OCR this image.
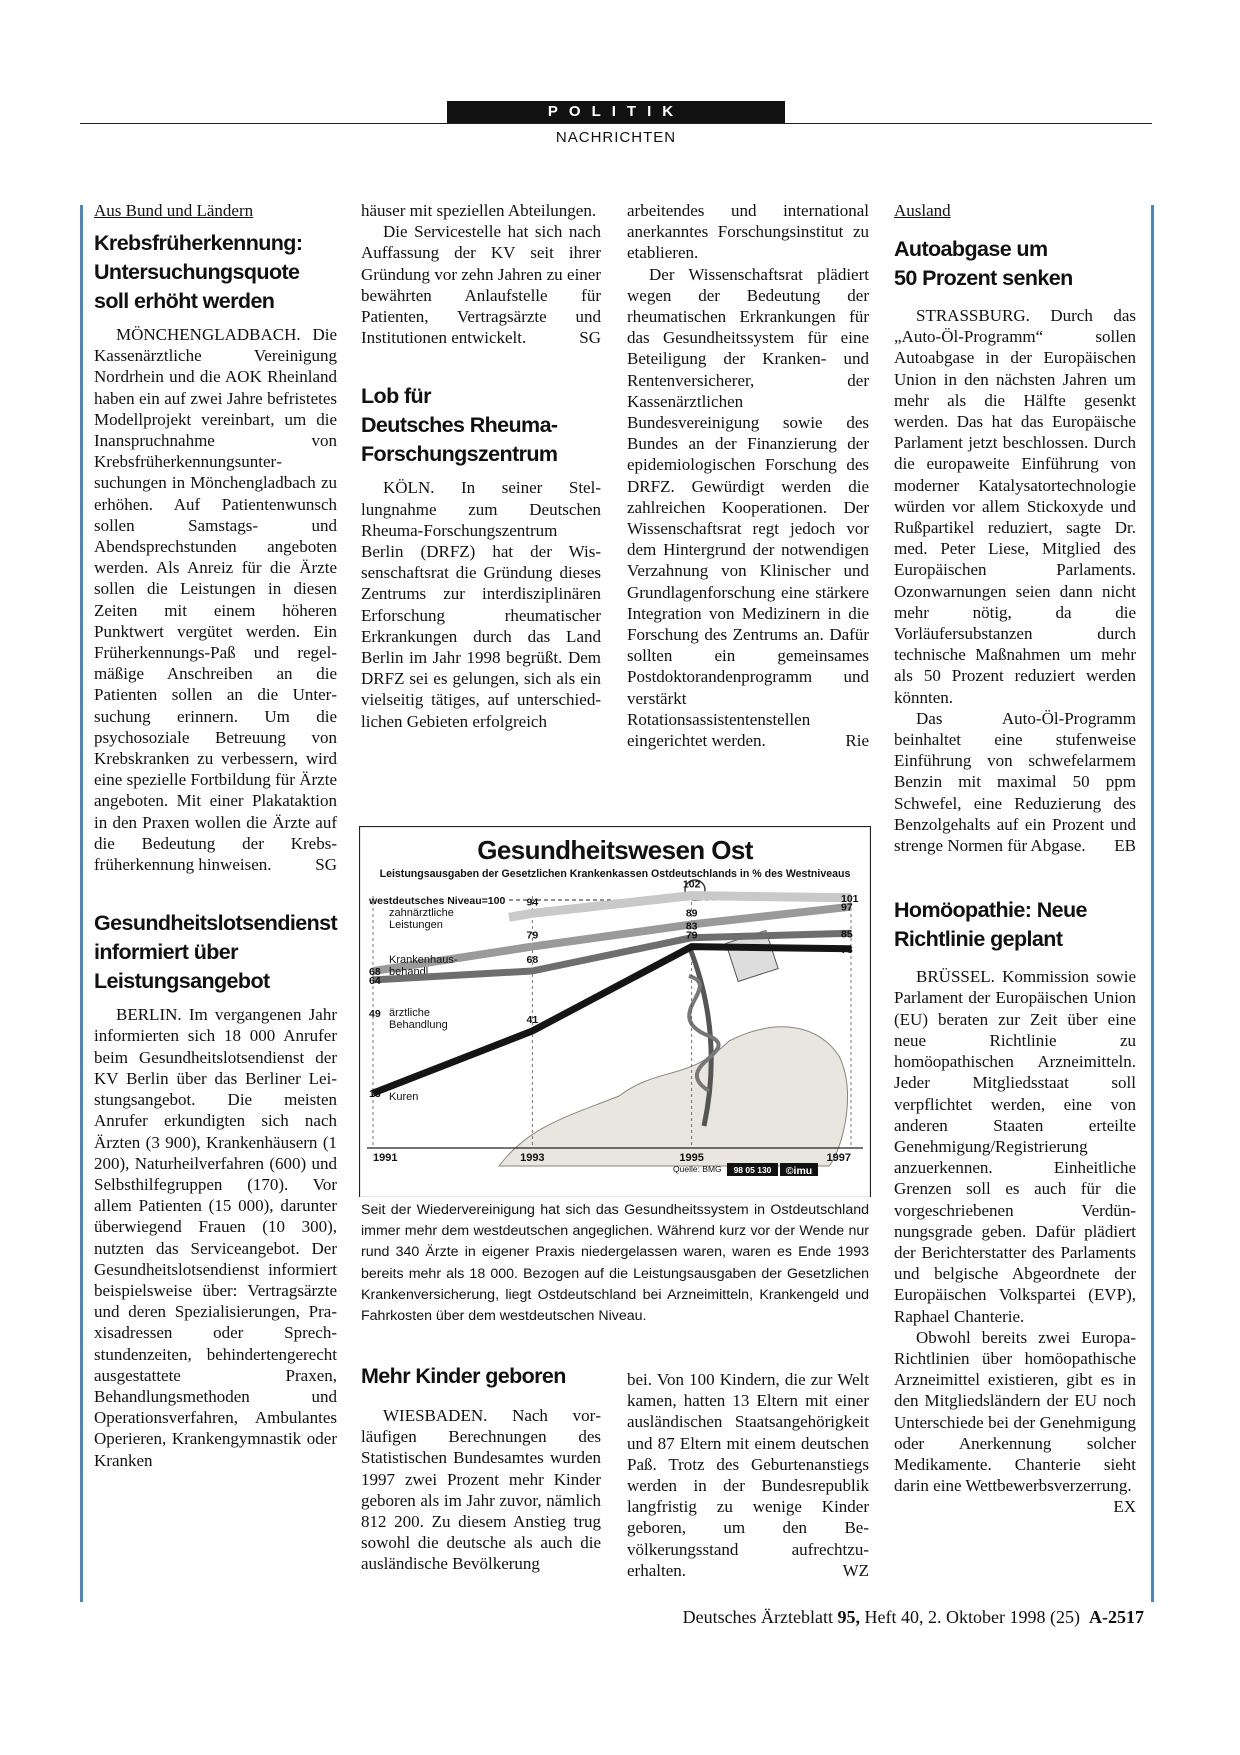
POLITIK
NACHRICHTEN
Aus Bund und Ländern
Krebsfrüherkennung:
Untersuchungsquote
soll erhöht werden

MÖNCHENGLADBACH. Die Kassenärztliche Vereinigung Nordrhein und die AOK Rheinland haben ein auf zwei Jahre befristetes Modellprojekt vereinbart, um die Inanspruchnahme von Krebsfrüherkennungsuntersuchungen in Mönchengladbach zu erhöhen. Auf Patientenwunsch sollen Samstags- und Abendsprechstunden angeboten werden. Als Anreiz für die Ärzte sollen die Leistungen in diesen Zeiten mit einem höheren Punktwert vergütet werden. Ein Früherkennungs-Paß und regelmäßige Anschreiben an die Patienten sollen an die Untersuchung erinnern. Um die psychosoziale Betreuung von Krebskranken zu verbessern, wird eine spezielle Fortbildung für Ärzte angeboten. Mit einer Plakataktion in den Praxen wollen die Ärzte auf die Bedeutung der Krebsfrüherkennung hinweisen.	SG

Gesundheitslotsendienst
informiert über
Leistungsangebot

BERLIN. Im vergangenen Jahr informierten sich 18 000 Anrufer beim Gesundheitslotsendienst der KV Berlin über das Berliner Leistungsangebot. Die meisten Anrufer erkundigten sich nach Ärzten (3 900), Krankenhäusern (1 200), Naturheilverfahren (600) und Selbsthilfegruppen (170). Vor allem Patienten (15 000), darunter überwiegend Frauen (10 300), nutzten das Serviceangebot. Der Gesundheitslotsendienst informiert beispielsweise über: Vertragsärzte und deren Spezialisierungen, Praxisadressen oder Sprechstundenzeiten, behindertengerecht ausgestattete Praxen, Behandlungsmethoden und Operationsverfahren, Ambulantes Operieren, Krankengymnastik oder Kranken

häuser mit speziellen Abteilungen.

Die Servicestelle hat sich nach Auffassung der KV seit ihrer Gründung vor zehn Jahren zu einer bewährten Anlaufstelle für Patienten, Vertragsärzte und Institutionen entwickelt.	SG

Lob für
Deutsches Rheuma-
Forschungszentrum

KÖLN. In seiner Stellungnahme zum Deutschen Rheuma-Forschungszentrum Berlin (DRFZ) hat der Wissenschaftsrat die Gründung dieses Zentrums zur interdisziplinären Erforschung rheumatischer Erkrankungen durch das Land Berlin im Jahr 1998 begrüßt. Dem DRFZ sei es gelungen, sich als ein vielseitig tätiges, auf unterschiedlichen Gebieten erfolgreich

arbeitendes und international anerkanntes Forschungsinstitut zu etablieren.

Der Wissenschaftsrat plädiert wegen der Bedeutung der rheumatischen Erkrankungen für das Gesundheitssystem für eine Beteiligung der Kranken- und Rentenversicherer, der Kassenärztlichen Bundesvereinigung sowie des Bundes an der Finanzierung der epidemiologischen Forschung des DRFZ. Gewürdigt werden die zahlreichen Kooperationen. Der Wissenschaftsrat regt jedoch vor dem Hintergrund der notwendigen Verzahnung von Klinischer und Grundlagenforschung eine stärkere Integration von Medizinern in die Forschung des Zentrums an. Dafür sollten ein gemeinsames Postdoktorandenprogramm und verstärkt Rotationsassistentenstellen eingerichtet werden.	Rie

Gesundheitswesen Ost
Leistungsausgaben der Gesetzlichen Krankenkassen Ostdeutschlands in % des Westniveaus
1991	1993	1995	1997
westdeutsches Niveau=100 94
102
101
zahnärztliche
Leistungen
68
79
89	97
Krankenhaus-
behandl.
64
68
83
85
ärztliche
Behandlung
13
41
79
78
Kuren
49
Quelle: BMG 98 05 130 ©imu
Seit der Wiedervereinigung hat sich das Gesundheitssystem in Ostdeutschland immer mehr dem westdeutschen angeglichen. Während kurz vor der Wende nur rund 340 Ärzte in eigener Praxis niedergelassen waren, waren es Ende 1993 bereits mehr als 18 000. Bezogen auf die Leistungsausgaben der Gesetzlichen Krankenversicherung, liegt Ostdeutschland bei Arzneimitteln, Krankengeld und Fahrkosten über dem westdeutschen Niveau.
Mehr Kinder geboren

WIESBADEN. Nach vorläufigen Berechnungen des Statistischen Bundesamtes wurden 1997 zwei Prozent mehr Kinder geboren als im Jahr zuvor, nämlich 812 200. Zu diesem Anstieg trug sowohl die deutsche als auch die ausländische Bevölkerung

bei. Von 100 Kindern, die zur Welt kamen, hatten 13 Eltern mit einer ausländischen Staatsangehörigkeit und 87 Eltern mit einem deutschen Paß. Trotz des Geburtenanstiegs werden in der Bundesrepublik langfristig zu wenige Kinder geboren, um den Bevölkerungsstand aufrechtzuerhalten.	WZ

Ausland
Autoabgase um
50 Prozent senken

STRASSBURG. Durch das „Auto-Öl-Programm“ sollen Autoabgase in der Europäischen Union in den nächsten Jahren um mehr als die Hälfte gesenkt werden. Das hat das Europäische Parlament jetzt beschlossen. Durch die europaweite Einführung von moderner Katalysatortechnologie würden vor allem Stickoxyde und Rußpartikel reduziert, sagte Dr. med. Peter Liese, Mitglied des Europäischen Parlaments. Ozonwarnungen seien dann nicht mehr nötig, da die Vorläufersubstanzen durch technische Maßnahmen um mehr als 50 Prozent reduziert werden könnten.

Das Auto-Öl-Programm beinhaltet eine stufenweise Einführung von schwefelarmem Benzin mit maximal 50 ppm Schwefel, eine Reduzierung des Benzolgehalts auf ein Prozent und strenge Normen für Abgase.	EB

Homöopathie: Neue
Richtlinie geplant

BRÜSSEL. Kommission sowie Parlament der Europäischen Union (EU) beraten zur Zeit über eine neue Richtlinie zu homöopathischen Arzneimitteln. Jeder Mitgliedsstaat soll verpflichtet werden, eine von anderen Staaten erteilte Genehmigung/Registrierung anzuerkennen. Einheitliche Grenzen soll es auch für die vorgeschriebenen Verdünnungsgrade geben. Dafür plädiert der Berichterstatter des Parlaments und belgische Abgeordnete der Europäischen Volkspartei (EVP), Raphael Chanterie.

Obwohl bereits zwei Europa-Richtlinien über homöopathische Arzneimittel existieren, gibt es in den Mitgliedsländern der EU noch Unterschiede bei der Genehmigung oder Anerkennung solcher Medikamente. Chanterie sieht darin eine Wettbewerbsverzerrung.
EX

Deutsches Ärzteblatt 95, Heft 40, 2. Oktober 1998 (25) A-2517
